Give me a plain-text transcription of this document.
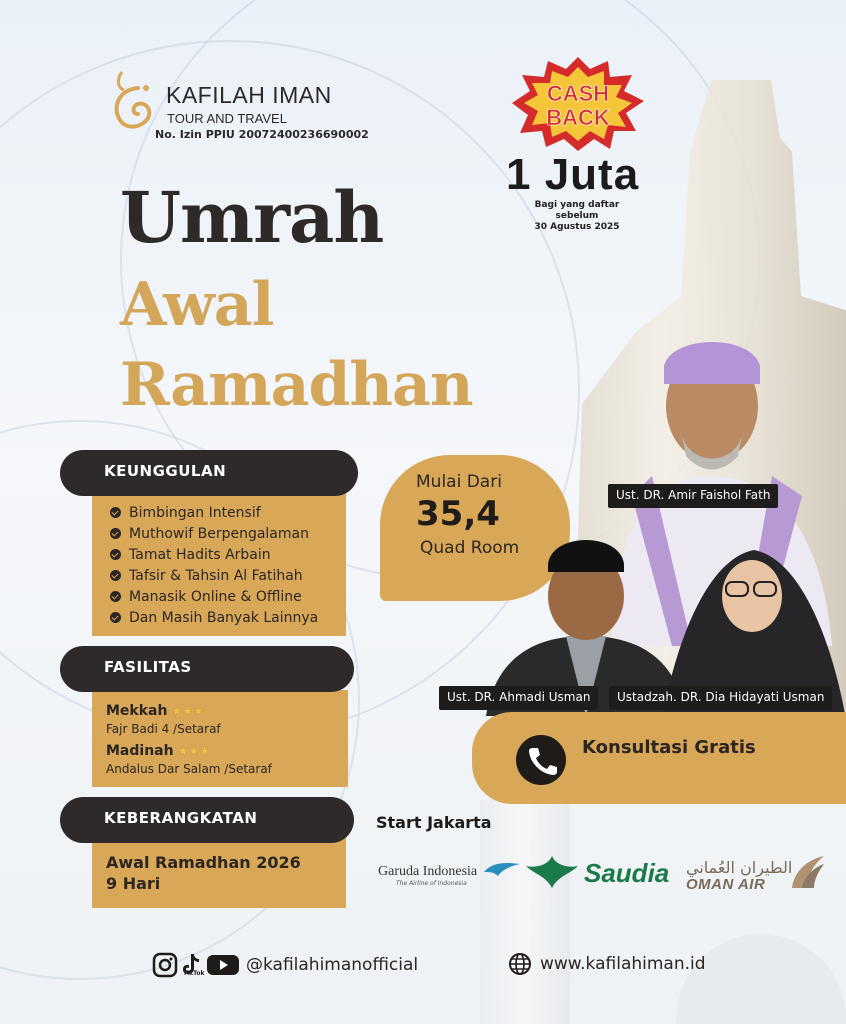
KAFILAH IMAN
TOUR AND TRAVEL
No. Izin PPIU 20072400236690002
Umrah
Awal
Ramadhan
CASH
BACK
1 Juta
Bagi yang daftar sebelum
30 Agustus 2025
Bimbingan Intensif
Muthowif Berpengalaman
Tamat Hadits Arbain
Tafsir & Tahsin Al Fatihah
Manasik Online & Offline
Dan Masih Banyak Lainnya
KEUNGGULAN
Mekkah ★★★
Fajr Badi 4 /Setaraf
Madinah ★★★
Andalus Dar Salam /Setaraf
FASILITAS
Awal Ramadhan 2026
9 Hari
KEBERANGKATAN
Mulai Dari
35,4
Quad Room
Ust. DR. Amir Faishol Fath
Ust. DR. Ahmadi Usman	Ustadzah. DR. Dia Hidayati Usman
Konsultasi Gratis
Start Jakarta
Garuda Indonesia
The Airline of Indonesia	Saudia الطيران العُماني
OMAN AIR
@kafilahimanofficial
TikTok	www.kafilahiman.id
